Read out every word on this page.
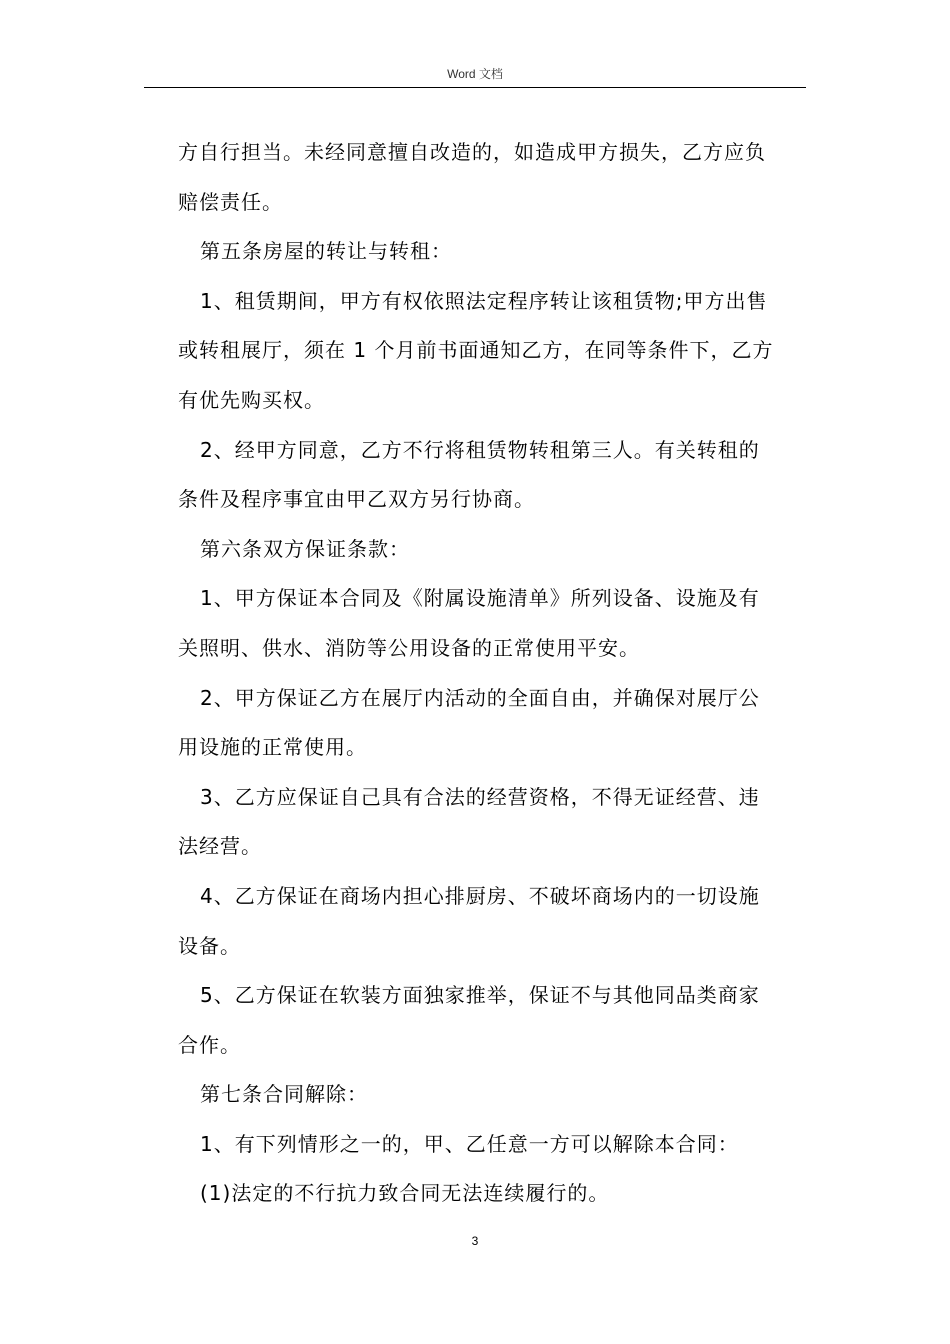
Word 文档

方自行担当。未经同意擅自改造的，如造成甲方损失，乙方应负

赔偿责任。

第五条房屋的转让与转租：

1、租赁期间，甲方有权依照法定程序转让该租赁物;甲方出售

或转租展厅，须在 1 个月前书面通知乙方，在同等条件下，乙方

有优先购买权。

2、经甲方同意，乙方不行将租赁物转租第三人。有关转租的

条件及程序事宜由甲乙双方另行协商。

第六条双方保证条款：

1、甲方保证本合同及《附属设施清单》所列设备、设施及有

关照明、供水、消防等公用设备的正常使用平安。

2、甲方保证乙方在展厅内活动的全面自由，并确保对展厅公

用设施的正常使用。

3、乙方应保证自己具有合法的经营资格，不得无证经营、违

法经营。

4、乙方保证在商场内担心排厨房、不破坏商场内的一切设施

设备。

5、乙方保证在软装方面独家推举，保证不与其他同品类商家

合作。

第七条合同解除：

1、有下列情形之一的，甲、乙任意一方可以解除本合同：

(1)法定的不行抗力致合同无法连续履行的。

3
